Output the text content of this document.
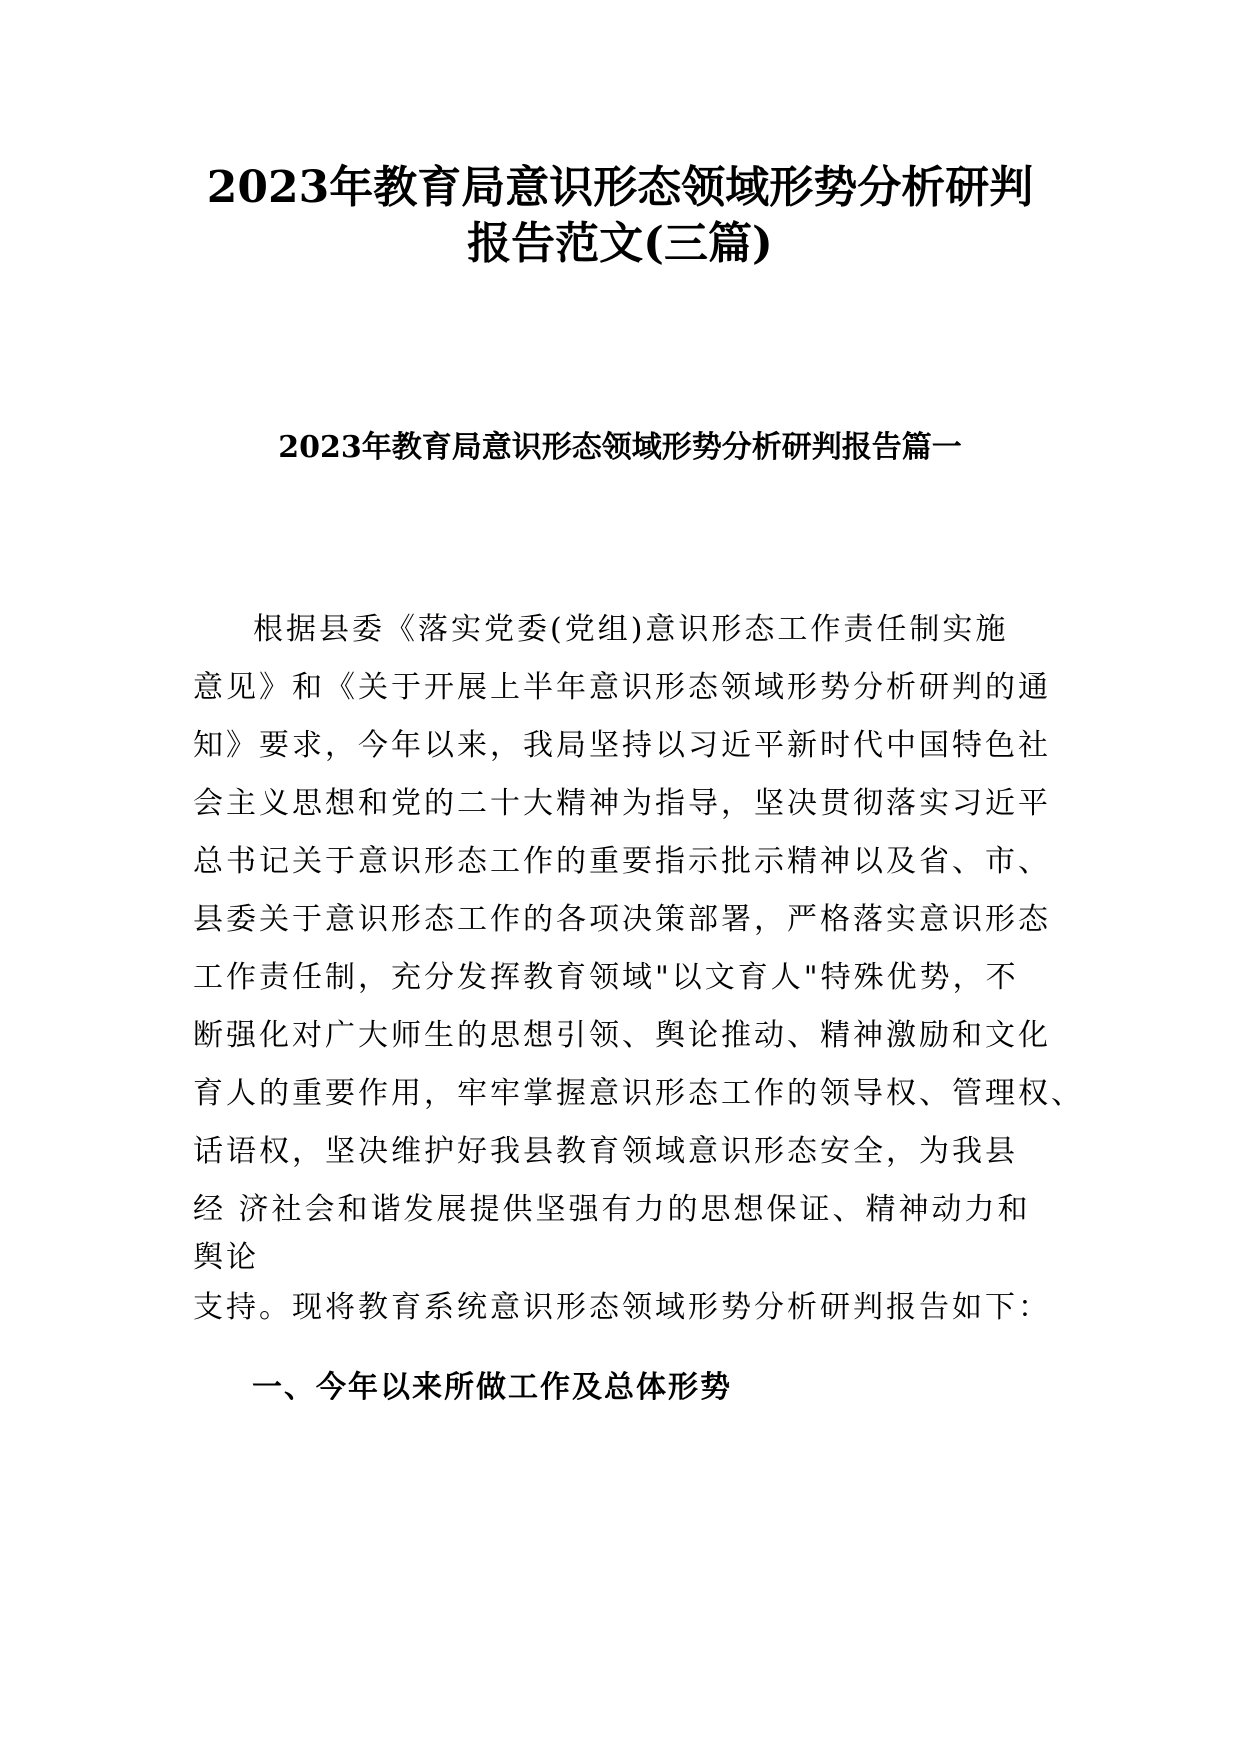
2023年教育局意识形态领域形势分析研判
报告范文(三篇)
2023年教育局意识形态领域形势分析研判报告篇一

根据县委《落实党委(党组)意识形态工作责任制实施

意见》和《关于开展上半年意识形态领域形势分析研判的通

知》要求，今年以来，我局坚持以习近平新时代中国特色社

会主义思想和党的二十大精神为指导，坚决贯彻落实习近平

总书记关于意识形态工作的重要指示批示精神以及省、市、

县委关于意识形态工作的各项决策部署，严格落实意识形态

工作责任制，充分发挥教育领域"以文育人"特殊优势，不

断强化对广大师生的思想引领、舆论推动、精神激励和文化

育人的重要作用，牢牢掌握意识形态工作的领导权、管理权、

话语权，坚决维护好我县教育领域意识形态安全，为我县

经 济社会和谐发展提供坚强有力的思想保证、精神动力和

舆论

支持。现将教育系统意识形态领域形势分析研判报告如下：

一、今年以来所做工作及总体形势
